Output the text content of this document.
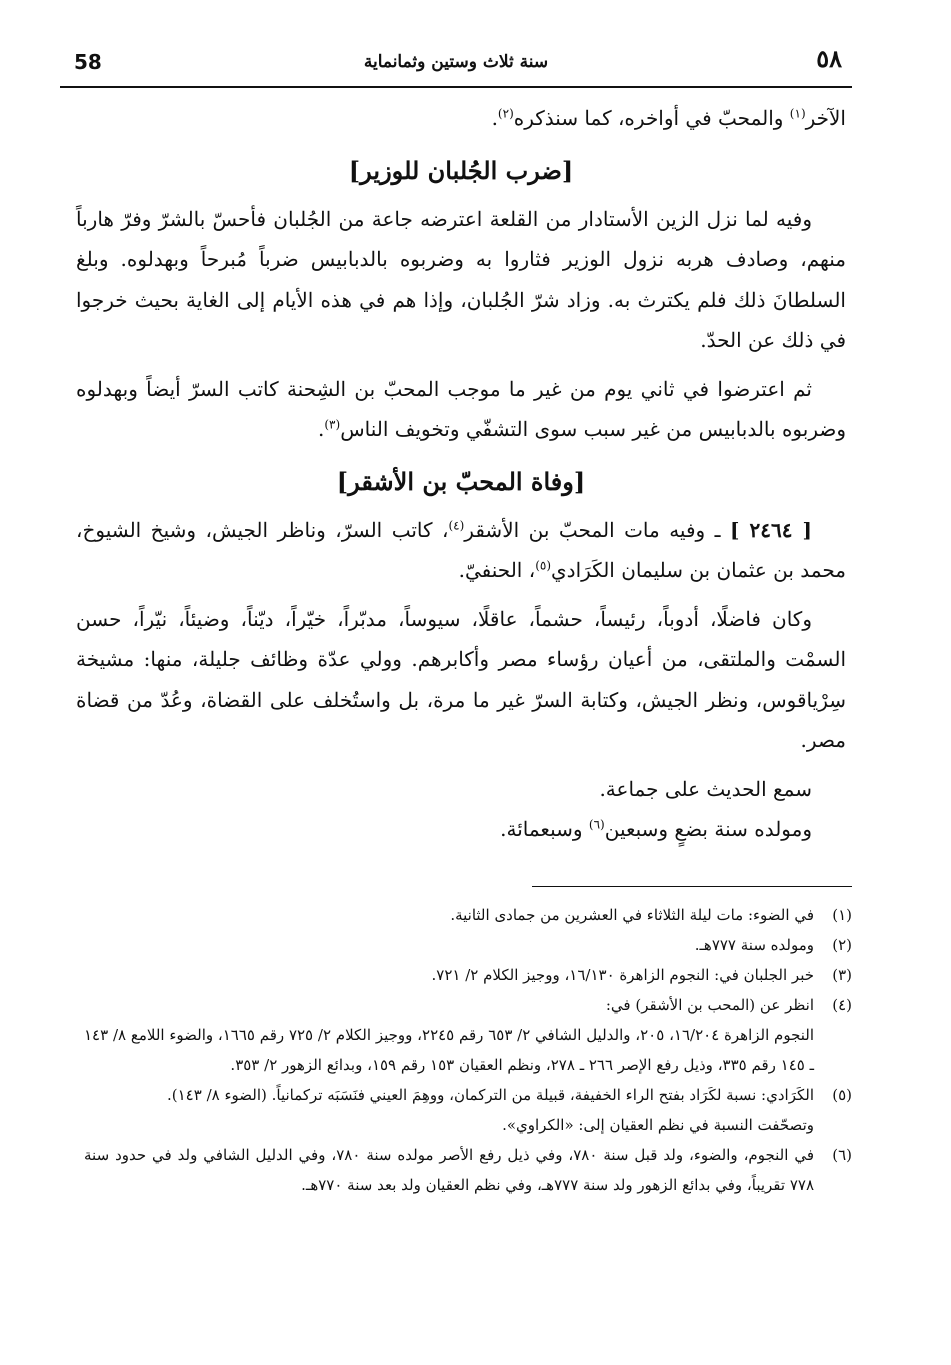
58	سنة ثلاث وستين وثمانماية	٥٨

الآخر$^{(١)}$ والمحبّ في أواخره، كما سنذكره$^{(٢)}$.

[ضرب الجُلبان للوزير]

وفيه لما نزل الزين الأستادار من القلعة اعترضه جاعة من الجُلبان فأحسّ بالشرّ وفرّ هارباً منهم، وصادف هربه نزول الوزير فثاروا به وضربوه بالدبابيس ضرباً مُبرحاً وبهدلوه. وبلغ السلطانَ ذلك فلم يكترث به. وزاد شرّ الجُلبان، وإذا هم في هذه الأيام إلى الغاية بحيث خرجوا في ذلك عن الحدّ.

ثم اعترضوا في ثاني يوم من غير ما موجب المحبّ بن الشِحنة كاتب السرّ أيضاً وبهدلوه وضربوه بالدبابيس من غير سبب سوى التشفّي وتخويف الناس$^{(٣)}$.

[وفاة المحبّ بن الأشقر]

[ ٢٤٦٤ ] ـ وفيه مات المحبّ بن الأشقر$^{(٤)}$، كاتب السرّ، وناظر الجيش، وشيخ الشيوخ، محمد بن عثمان بن سليمان الكَرَادي$^{(٥)}$، الحنفيّ.

وكان فاضلًا، أدوباً، رئيساً، حشماً، عاقلًا، سيوساً، مدبّراً، خيّراً، ديّناً، وضيئاً، نيّراً، حسن السمْت والملتقى، من أعيان رؤساء مصر وأكابرهم. وولي عدّة وظائف جليلة، منها: مشيخة سِرْياقوس، ونظر الجيش، وكتابة السرّ غير ما مرة، بل واستُخلف على القضاة، وعُدّ من قضاة مصر.

سمع الحديث على جماعة.

ومولده سنة بضعٍ وسبعين$^{(٦)}$ وسبعمائة.

(١)
في الضوء: مات ليلة الثلاثاء في العشرين من جمادى الثانية.
(٢)
ومولده سنة ٧٧٧هـ.
(٣)
خبر الجلبان في: النجوم الزاهرة ١٦/١٣٠، ووجيز الكلام ٢/ ٧٢١.
(٤)
انظر عن (المحب بن الأشقر) في:
النجوم الزاهرة ١٦/٢٠٤، ٢٠٥، والدليل الشافي ٢/ ٦٥٣ رقم ٢٢٤٥، ووجيز الكلام ٢/ ٧٢٥ رقم ١٦٦٥، والضوء اللامع ٨/ ١٤٣ ـ ١٤٥ رقم ٣٣٥، وذيل رفع الإصر ٢٦٦ ـ ٢٧٨، ونظم العقيان ١٥٣ رقم ١٥٩، وبدائع الزهور ٢/ ٣٥٣.
(٥)
الكَرَادي: نسبة لكَرَاد بفتح الراء الخفيفة، قبيلة من التركمان، ووهِمَ العيني فنَسَبَه تركمانياً. (الضوء ٨/ ١٤٣).
وتصحّفت النسبة في نظم العقيان إلى: «الكراوي».
(٦)
في النجوم، والضوء، ولد قبل سنة ٧٨٠، وفي ذيل رفع الأصر مولده سنة ٧٨٠، وفي الدليل الشافي ولد في حدود سنة ٧٧٨ تقريباً، وفي بدائع الزهور ولد سنة ٧٧٧هـ، وفي نظم العقيان ولد بعد سنة ٧٧٠هـ.
